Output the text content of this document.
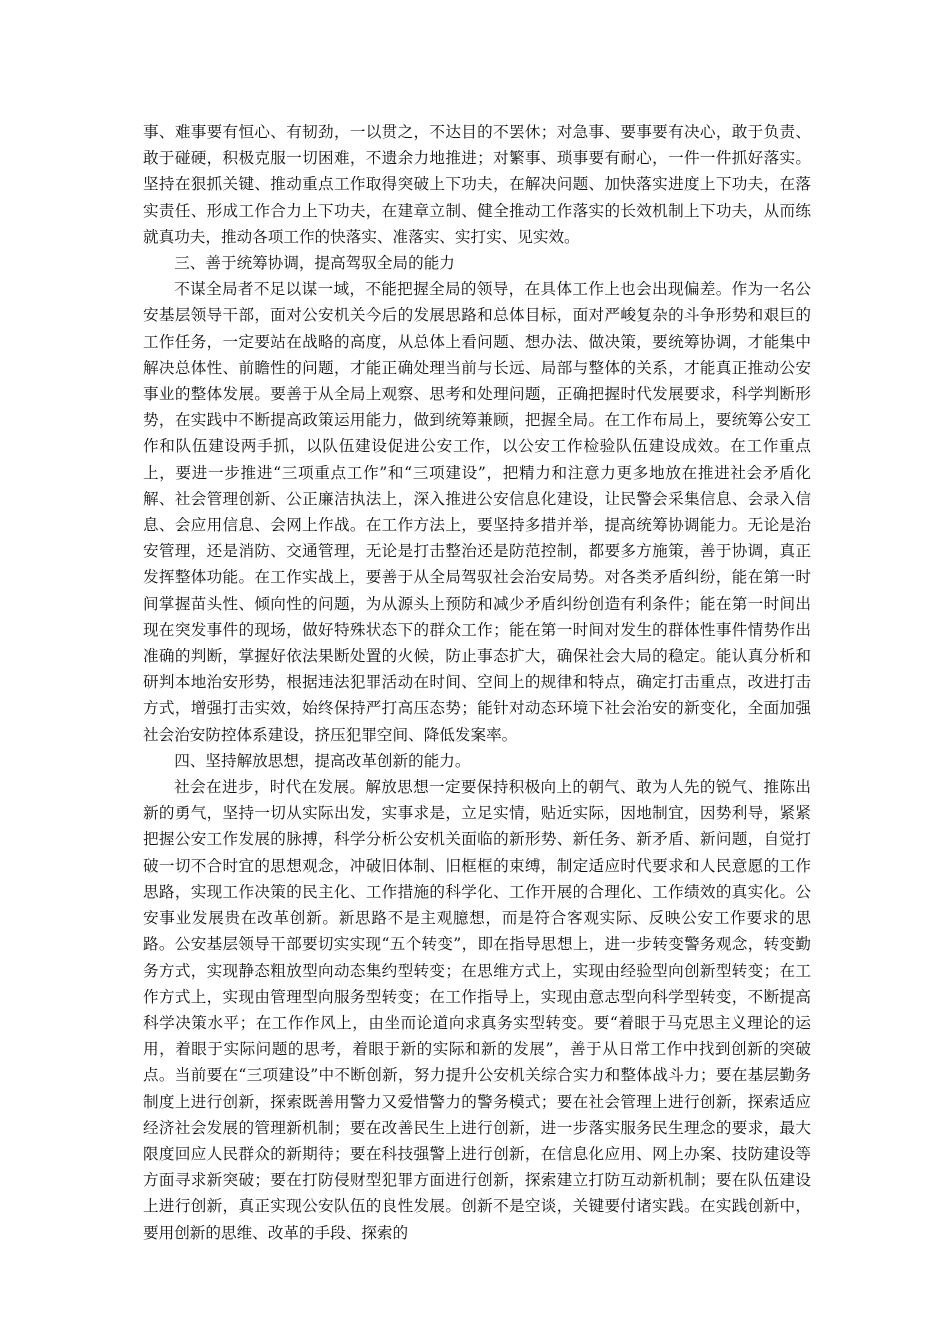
事、难事要有恒心、有韧劲，一以贯之，不达目的不罢休；对急事、要事要有决心，敢于负责、敢于碰硬，积极克服一切困难，不遗余力地推进；对繁事、琐事要有耐心，一件一件抓好落实。坚持在狠抓关键、推动重点工作取得突破上下功夫，在解决问题、加快落实进度上下功夫，在落实责任、形成工作合力上下功夫，在建章立制、健全推动工作落实的长效机制上下功夫，从而练就真功夫，推动各项工作的快落实、准落实、实打实、见实效。

三、善于统筹协调，提高驾驭全局的能力

不谋全局者不足以谋一域，不能把握全局的领导，在具体工作上也会出现偏差。作为一名公安基层领导干部，面对公安机关今后的发展思路和总体目标，面对严峻复杂的斗争形势和艰巨的工作任务，一定要站在战略的高度，从总体上看问题、想办法、做决策，要统筹协调，才能集中解决总体性、前瞻性的问题，才能正确处理当前与长远、局部与整体的关系，才能真正推动公安事业的整体发展。要善于从全局上观察、思考和处理问题，正确把握时代发展要求，科学判断形势，在实践中不断提高政策运用能力，做到统筹兼顾，把握全局。在工作布局上，要统筹公安工作和队伍建设两手抓，以队伍建设促进公安工作，以公安工作检验队伍建设成效。在工作重点上，要进一步推进“三项重点工作”和“三项建设”，把精力和注意力更多地放在推进社会矛盾化解、社会管理创新、公正廉洁执法上，深入推进公安信息化建设，让民警会采集信息、会录入信息、会应用信息、会网上作战。在工作方法上，要坚持多措并举，提高统筹协调能力。无论是治安管理，还是消防、交通管理，无论是打击整治还是防范控制，都要多方施策，善于协调，真正发挥整体功能。在工作实战上，要善于从全局驾驭社会治安局势。对各类矛盾纠纷，能在第一时间掌握苗头性、倾向性的问题，为从源头上预防和减少矛盾纠纷创造有利条件；能在第一时间出现在突发事件的现场，做好特殊状态下的群众工作；能在第一时间对发生的群体性事件情势作出准确的判断，掌握好依法果断处置的火候，防止事态扩大，确保社会大局的稳定。能认真分析和研判本地治安形势，根据违法犯罪活动在时间、空间上的规律和特点，确定打击重点，改进打击方式，增强打击实效，始终保持严打高压态势；能针对动态环境下社会治安的新变化，全面加强社会治安防控体系建设，挤压犯罪空间、降低发案率。

四、坚持解放思想，提高改革创新的能力。

社会在进步，时代在发展。解放思想一定要保持积极向上的朝气、敢为人先的锐气、推陈出新的勇气，坚持一切从实际出发，实事求是，立足实情，贴近实际，因地制宜，因势利导，紧紧把握公安工作发展的脉搏，科学分析公安机关面临的新形势、新任务、新矛盾、新问题，自觉打破一切不合时宜的思想观念，冲破旧体制、旧框框的束缚，制定适应时代要求和人民意愿的工作思路，实现工作决策的民主化、工作措施的科学化、工作开展的合理化、工作绩效的真实化。公安事业发展贵在改革创新。新思路不是主观臆想，而是符合客观实际、反映公安工作要求的思路。公安基层领导干部要切实实现“五个转变”，即在指导思想上，进一步转变警务观念，转变勤务方式，实现静态粗放型向动态集约型转变；在思维方式上，实现由经验型向创新型转变；在工作方式上，实现由管理型向服务型转变；在工作指导上，实现由意志型向科学型转变，不断提高科学决策水平；在工作作风上，由坐而论道向求真务实型转变。要“着眼于马克思主义理论的运用，着眼于实际问题的思考，着眼于新的实际和新的发展”，善于从日常工作中找到创新的突破点。当前要在“三项建设”中不断创新，努力提升公安机关综合实力和整体战斗力；要在基层勤务制度上进行创新，探索既善用警力又爱惜警力的警务模式；要在社会管理上进行创新，探索适应经济社会发展的管理新机制；要在改善民生上进行创新，进一步落实服务民生理念的要求，最大限度回应人民群众的新期待；要在科技强警上进行创新，在信息化应用、网上办案、技防建设等方面寻求新突破；要在打防侵财型犯罪方面进行创新，探索建立打防互动新机制；要在队伍建设上进行创新，真正实现公安队伍的良性发展。创新不是空谈，关键要付诸实践。在实践创新中，要用创新的思维、改革的手段、探索的
